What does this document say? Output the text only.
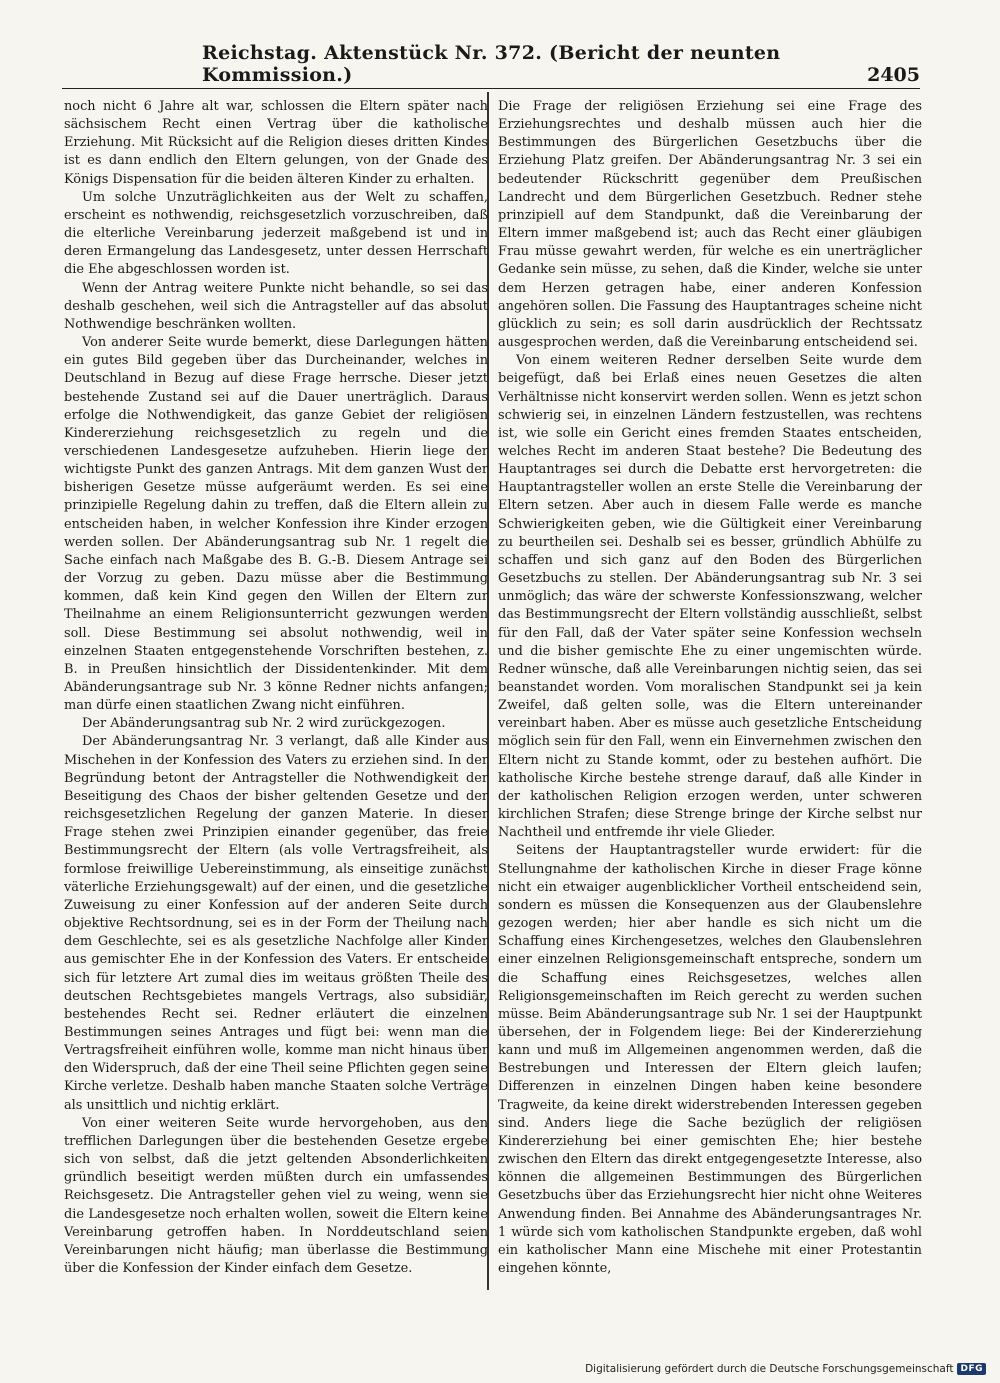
Reichstag. Aktenstück Nr. 372. (Bericht der neunten Kommission.)	2405

noch nicht 6 Jahre alt war, schlossen die Eltern später nach sächsischem Recht einen Vertrag über die katholische Erziehung. Mit Rücksicht auf die Religion dieses dritten Kindes ist es dann endlich den Eltern gelungen, von der Gnade des Königs Dispensation für die beiden älteren Kinder zu erhalten.

Um solche Unzuträglichkeiten aus der Welt zu schaffen, erscheint es nothwendig, reichsgesetzlich vorzuschreiben, daß die elterliche Vereinbarung jederzeit maßgebend ist und in deren Ermangelung das Landesgesetz, unter dessen Herrschaft die Ehe abgeschlossen worden ist.

Wenn der Antrag weitere Punkte nicht behandle, so sei das deshalb geschehen, weil sich die Antragsteller auf das absolut Nothwendige beschränken wollten.

Von anderer Seite wurde bemerkt, diese Darlegungen hätten ein gutes Bild gegeben über das Durcheinander, welches in Deutschland in Bezug auf diese Frage herrsche. Dieser jetzt bestehende Zustand sei auf die Dauer unerträglich. Daraus erfolge die Nothwendigkeit, das ganze Gebiet der religiösen Kindererziehung reichsgesetzlich zu regeln und die verschiedenen Landesgesetze aufzuheben. Hierin liege der wichtigste Punkt des ganzen Antrags. Mit dem ganzen Wust der bisherigen Gesetze müsse aufgeräumt werden. Es sei eine prinzipielle Regelung dahin zu treffen, daß die Eltern allein zu entscheiden haben, in welcher Konfession ihre Kinder erzogen werden sollen. Der Abänderungsantrag sub Nr. 1 regelt die Sache einfach nach Maßgabe des B. G.-B. Diesem Antrage sei der Vorzug zu geben. Dazu müsse aber die Bestimmung kommen, daß kein Kind gegen den Willen der Eltern zur Theilnahme an einem Religionsunterricht gezwungen werden soll. Diese Bestimmung sei absolut nothwendig, weil in einzelnen Staaten entgegenstehende Vorschriften bestehen, z. B. in Preußen hinsichtlich der Dissidentenkinder. Mit dem Abänderungsantrage sub Nr. 3 könne Redner nichts anfangen; man dürfe einen staatlichen Zwang nicht einführen.

Der Abänderungsantrag sub Nr. 2 wird zurückgezogen.

Der Abänderungsantrag Nr. 3 verlangt, daß alle Kinder aus Mischehen in der Konfession des Vaters zu erziehen sind. In der Begründung betont der Antragsteller die Nothwendigkeit der Beseitigung des Chaos der bisher geltenden Gesetze und der reichsgesetzlichen Regelung der ganzen Materie. In dieser Frage stehen zwei Prinzipien einander gegenüber, das freie Bestimmungsrecht der Eltern (als volle Vertragsfreiheit, als formlose freiwillige Uebereinstimmung, als einseitige zunächst väterliche Erziehungsgewalt) auf der einen, und die gesetzliche Zuweisung zu einer Konfession auf der anderen Seite durch objektive Rechtsordnung, sei es in der Form der Theilung nach dem Geschlechte, sei es als gesetzliche Nachfolge aller Kinder aus gemischter Ehe in der Konfession des Vaters. Er entscheide sich für letztere Art zumal dies im weitaus größten Theile des deutschen Rechtsgebietes mangels Vertrags, also subsidiär, bestehendes Recht sei. Redner erläutert die einzelnen Bestimmungen seines Antrages und fügt bei: wenn man die Vertragsfreiheit einführen wolle, komme man nicht hinaus über den Widerspruch, daß der eine Theil seine Pflichten gegen seine Kirche verletze. Deshalb haben manche Staaten solche Verträge als unsittlich und nichtig erklärt.

Von einer weiteren Seite wurde hervorgehoben, aus den trefflichen Darlegungen über die bestehenden Gesetze ergebe sich von selbst, daß die jetzt geltenden Absonderlichkeiten gründlich beseitigt werden müßten durch ein umfassendes Reichsgesetz. Die Antragsteller gehen viel zu weing, wenn sie die Landesgesetze noch erhalten wollen, soweit die Eltern keine Vereinbarung getroffen haben. In Norddeutschland seien Vereinbarungen nicht häufig; man überlasse die Bestimmung über die Konfession der Kinder einfach dem Gesetze.

Die Frage der religiösen Erziehung sei eine Frage des Erziehungsrechtes und deshalb müssen auch hier die Bestimmungen des Bürgerlichen Gesetzbuchs über die Erziehung Platz greifen. Der Abänderungsantrag Nr. 3 sei ein bedeutender Rückschritt gegenüber dem Preußischen Landrecht und dem Bürgerlichen Gesetzbuch. Redner stehe prinzipiell auf dem Standpunkt, daß die Vereinbarung der Eltern immer maßgebend ist; auch das Recht einer gläubigen Frau müsse gewahrt werden, für welche es ein unerträglicher Gedanke sein müsse, zu sehen, daß die Kinder, welche sie unter dem Herzen getragen habe, einer anderen Konfession angehören sollen. Die Fassung des Hauptantrages scheine nicht glücklich zu sein; es soll darin ausdrücklich der Rechtssatz ausgesprochen werden, daß die Vereinbarung entscheidend sei.

Von einem weiteren Redner derselben Seite wurde dem beigefügt, daß bei Erlaß eines neuen Gesetzes die alten Verhältnisse nicht konservirt werden sollen. Wenn es jetzt schon schwierig sei, in einzelnen Ländern festzustellen, was rechtens ist, wie solle ein Gericht eines fremden Staates entscheiden, welches Recht im anderen Staat bestehe? Die Bedeutung des Hauptantrages sei durch die Debatte erst hervorgetreten: die Hauptantragsteller wollen an erste Stelle die Vereinbarung der Eltern setzen. Aber auch in diesem Falle werde es manche Schwierigkeiten geben, wie die Gültigkeit einer Vereinbarung zu beurtheilen sei. Deshalb sei es besser, gründlich Abhülfe zu schaffen und sich ganz auf den Boden des Bürgerlichen Gesetzbuchs zu stellen. Der Abänderungsantrag sub Nr. 3 sei unmöglich; das wäre der schwerste Konfessionszwang, welcher das Bestimmungsrecht der Eltern vollständig ausschließt, selbst für den Fall, daß der Vater später seine Konfession wechseln und die bisher gemischte Ehe zu einer ungemischten würde. Redner wünsche, daß alle Vereinbarungen nichtig seien, das sei beanstandet worden. Vom moralischen Standpunkt sei ja kein Zweifel, daß gelten solle, was die Eltern untereinander vereinbart haben. Aber es müsse auch gesetzliche Entscheidung möglich sein für den Fall, wenn ein Einvernehmen zwischen den Eltern nicht zu Stande kommt, oder zu bestehen aufhört. Die katholische Kirche bestehe strenge darauf, daß alle Kinder in der katholischen Religion erzogen werden, unter schweren kirchlichen Strafen; diese Strenge bringe der Kirche selbst nur Nachtheil und entfremde ihr viele Glieder.

Seitens der Hauptantragsteller wurde erwidert: für die Stellungnahme der katholischen Kirche in dieser Frage könne nicht ein etwaiger augenblicklicher Vortheil entscheidend sein, sondern es müssen die Konsequenzen aus der Glaubenslehre gezogen werden; hier aber handle es sich nicht um die Schaffung eines Kirchengesetzes, welches den Glaubenslehren einer einzelnen Religionsgemeinschaft entspreche, sondern um die Schaffung eines Reichsgesetzes, welches allen Religionsgemeinschaften im Reich gerecht zu werden suchen müsse. Beim Abänderungsantrage sub Nr. 1 sei der Hauptpunkt übersehen, der in Folgendem liege: Bei der Kindererziehung kann und muß im Allgemeinen angenommen werden, daß die Bestrebungen und Interessen der Eltern gleich laufen; Differenzen in einzelnen Dingen haben keine besondere Tragweite, da keine direkt widerstrebenden Interessen gegeben sind. Anders liege die Sache bezüglich der religiösen Kindererziehung bei einer gemischten Ehe; hier bestehe zwischen den Eltern das direkt entgegengesetzte Interesse, also können die allgemeinen Bestimmungen des Bürgerlichen Gesetzbuchs über das Erziehungsrecht hier nicht ohne Weiteres Anwendung finden. Bei Annahme des Abänderungsantrages Nr. 1 würde sich vom katholischen Standpunkte ergeben, daß wohl ein katholischer Mann eine Mischehe mit einer Protestantin eingehen könnte,

Digitalisierung gefördert durch die Deutsche Forschungsgemeinschaft DFG
